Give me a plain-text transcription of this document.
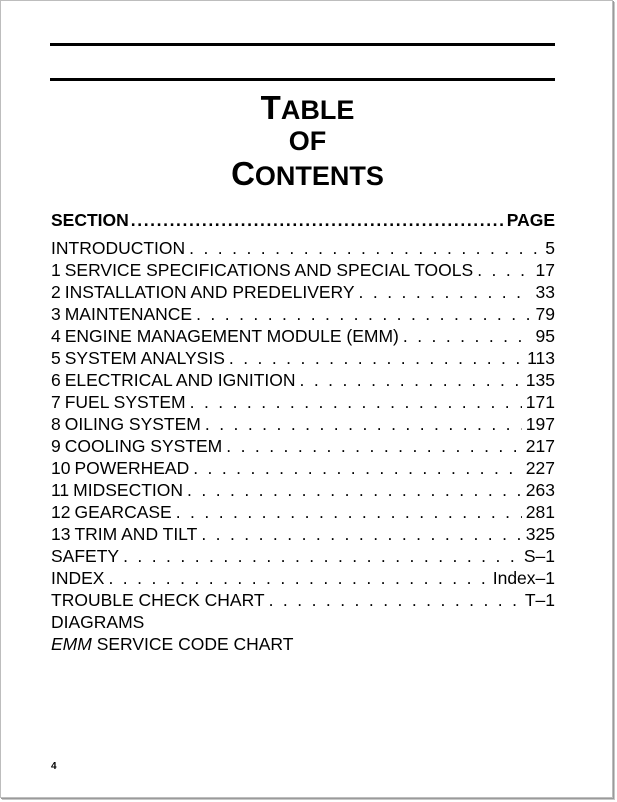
TABLE
OF
CONTENTS
SECTION .....	PAGE
INTRODUCTION . . .	5
1 SERVICE SPECIFICATIONS AND SPECIAL TOOLS . . .	17
2 INSTALLATION AND PREDELIVERY . . .	33
3 MAINTENANCE . . .	79
4 ENGINE MANAGEMENT MODULE (EMM) . . .	95
5 SYSTEM ANALYSIS . . .	113
6 ELECTRICAL AND IGNITION . . .	135
7 FUEL SYSTEM . . .	171
8 OILING SYSTEM . . .	197
9 COOLING SYSTEM . . .	217
10 POWERHEAD . . .	227
11 MIDSECTION . . .	263
12 GEARCASE . . .	281
13 TRIM AND TILT . . .	325
SAFETY . . .	S–1
INDEX . . .	Index–1
TROUBLE CHECK CHART . . .	T–1
DIAGRAMS
EMM SERVICE CODE CHART
4
